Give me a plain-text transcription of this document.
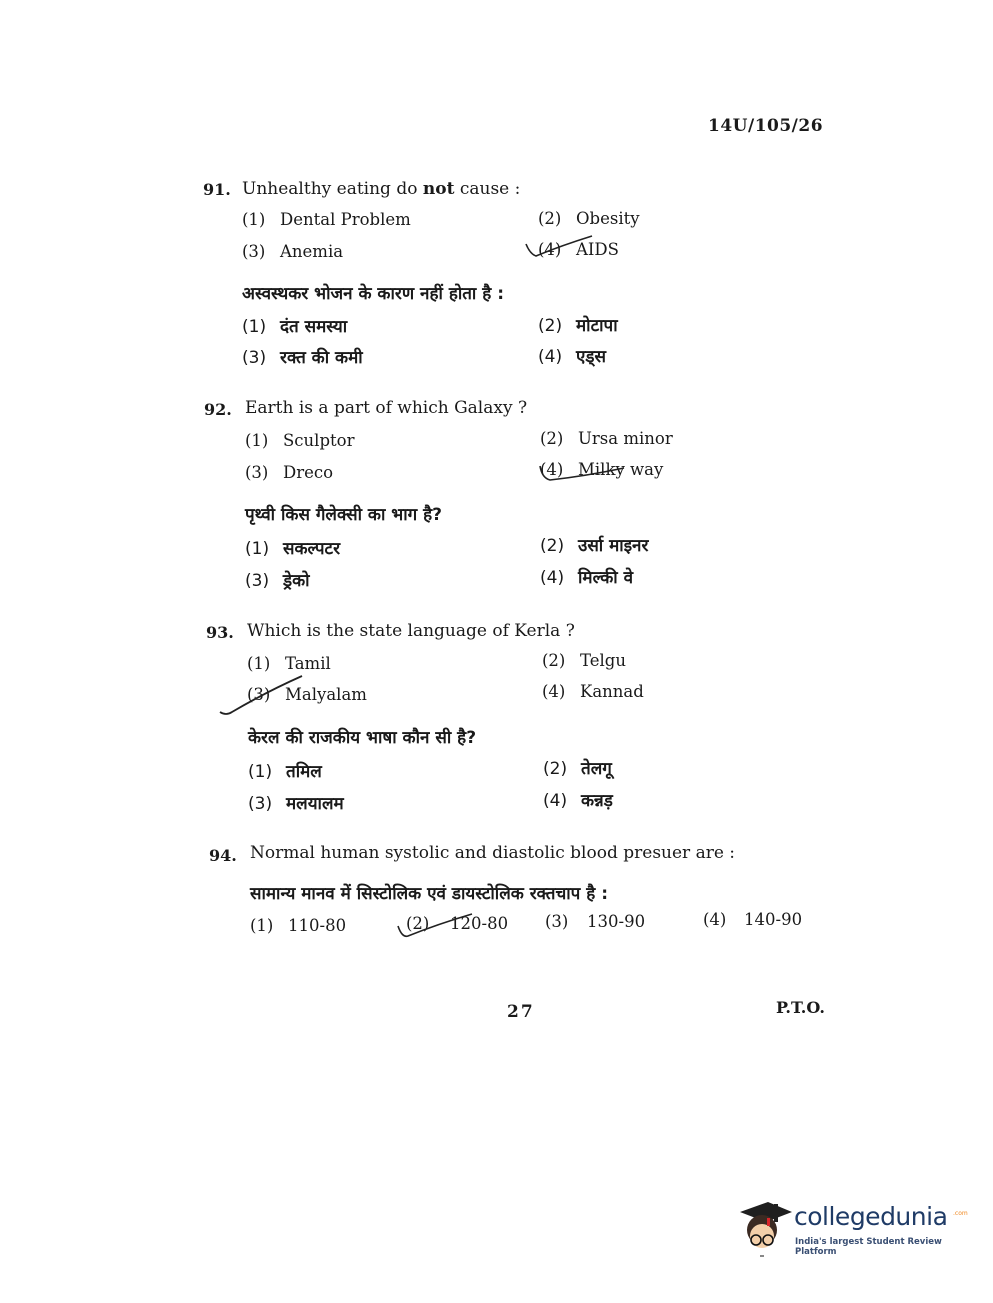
14U/105/26
91. Unhealthy eating do not cause :
(1) Dental Problem	(2) Obesity
(3) Anemia	(4) AIDS
अस्वस्थकर भोजन के कारण नहीं होता है :
(1) दंत समस्या	(2) मोटापा
(3) रक्त की कमी	(4) एड्स
92. Earth is a part of which Galaxy ?
(1) Sculptor	(2) Ursa minor
(3) Dreco	(4) Milky way
पृथ्वी किस गैलेक्सी का भाग है?
(1) सकल्पटर	(2) उर्सा माइनर
(3) ड्रेको	(4) मिल्की वे
93. Which is the state language of Kerla ?
(1) Tamil	(2) Telgu
(3) Malyalam	(4) Kannad
केरल की राजकीय भाषा कौन सी है?
(1) तमिल	(2) तेलगू
(3) मलयालम	(4) कन्नड़
94. Normal human systolic and diastolic blood presuer are :
सामान्य मानव में सिस्टोलिक एवं डायस्टोलिक रक्तचाप है :
(1) 110-80	(2) 120-80 (3) 130-90	(4) 140-90
27	P.T.O.
collegedunia .com
India's largest Student Review Platform
